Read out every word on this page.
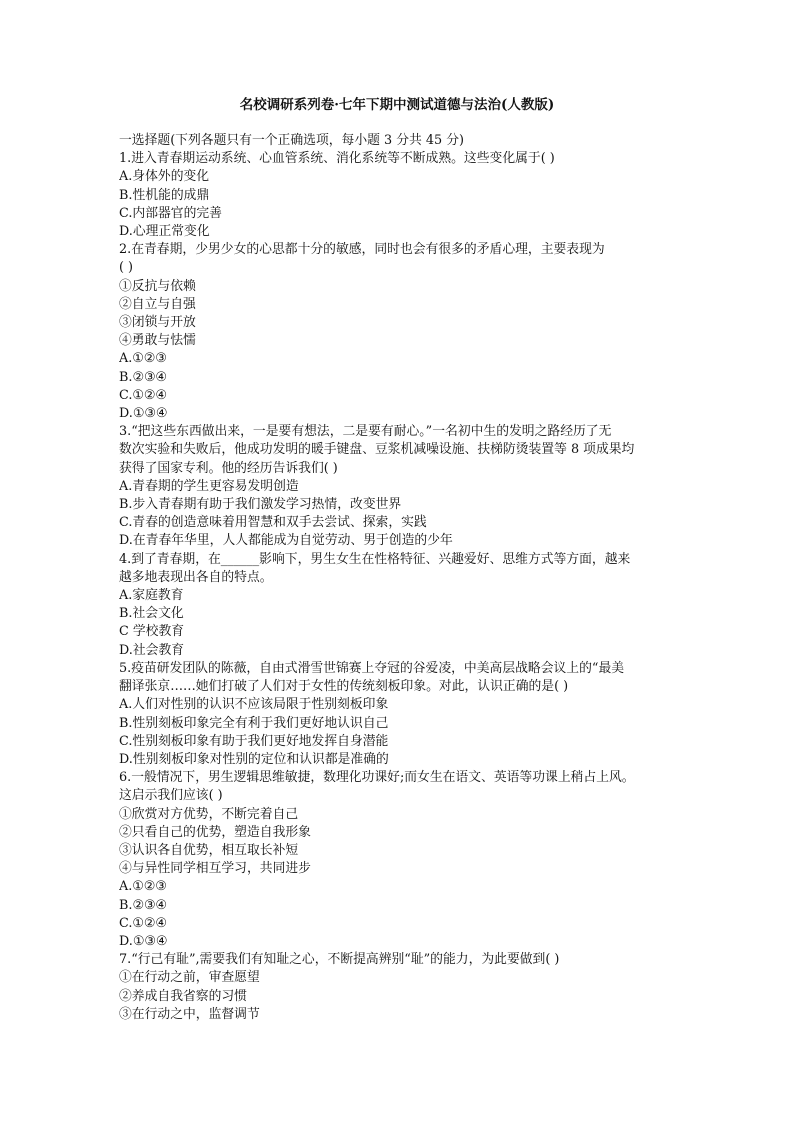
名校调研系列卷·七年下期中测试道德与法治(人教版)
一选择题(下列各题只有一个正确选项，每小题 3 分共 45 分)
1.进入青春期运动系统、心血管系统、消化系统等不断成熟。这些变化属于( )
A.身体外的变化
B.性机能的成鼎
C.内部器官的完善
D.心理正常变化
2.在青春期，少男少女的心思都十分的敏感，同时也会有很多的矛盾心理，主要表现为
( )
①反抗与依赖
②自立与自强
③闭锁与开放
④勇敢与怯懦
A.①②③
B.②③④
C.①②④
D.①③④
3.“把这些东西做出来，一是要有想法，二是要有耐心。”一名初中生的发明之路经历了无
数次实验和失败后，他成功发明的暖手键盘、豆浆机减噪设施、扶梯防烫装置等 8 项成果均
获得了国家专利。他的经历告诉我们( )
A.青春期的学生更容易发明创造
B.步入青春期有助于我们激发学习热情，改变世界
C.青春的创造意味着用智慧和双手去尝试、探索，实践
D.在青春年华里，人人都能成为自觉劳动、男于创造的少年
4.到了青春期，在______影响下，男生女生在性格特征、兴趣爱好、思维方式等方面，越来
越多地表现出各自的特点。
A.家庭教育
B.社会文化
C 学校教育
D.社会教育
5.疫苗研发团队的陈薇，自由式滑雪世锦赛上夺冠的谷爱凌，中美高层战略会议上的“最美
翻译张京……她们打破了人们对于女性的传统刻板印象。对此，认识正确的是( )
A.人们对性别的认识不应该局限于性别刻板印象
B.性别刻板印象完全有利于我们更好地认识自己
C.性别刻板印象有助于我们更好地发挥自身潜能
D.性别刻板印象对性别的定位和认识都是准确的
6.一般情况下，男生逻辑思维敏捷，数理化功课好;而女生在语文、英语等功课上稍占上风。
这启示我们应该( )
①欣赏对方优势，不断完着自己
②只看自己的优势，塑造自我形象
③认识各自优势，相互取长补短
④与异性同学相互学习，共同进步
A.①②③
B.②③④
C.①②④
D.①③④
7.“行己有耻”,需要我们有知耻之心，不断提高辨别“耻”的能力，为此要做到( )
①在行动之前，审查愿望
②养成自我省察的习惯
③在行动之中，监督调节
